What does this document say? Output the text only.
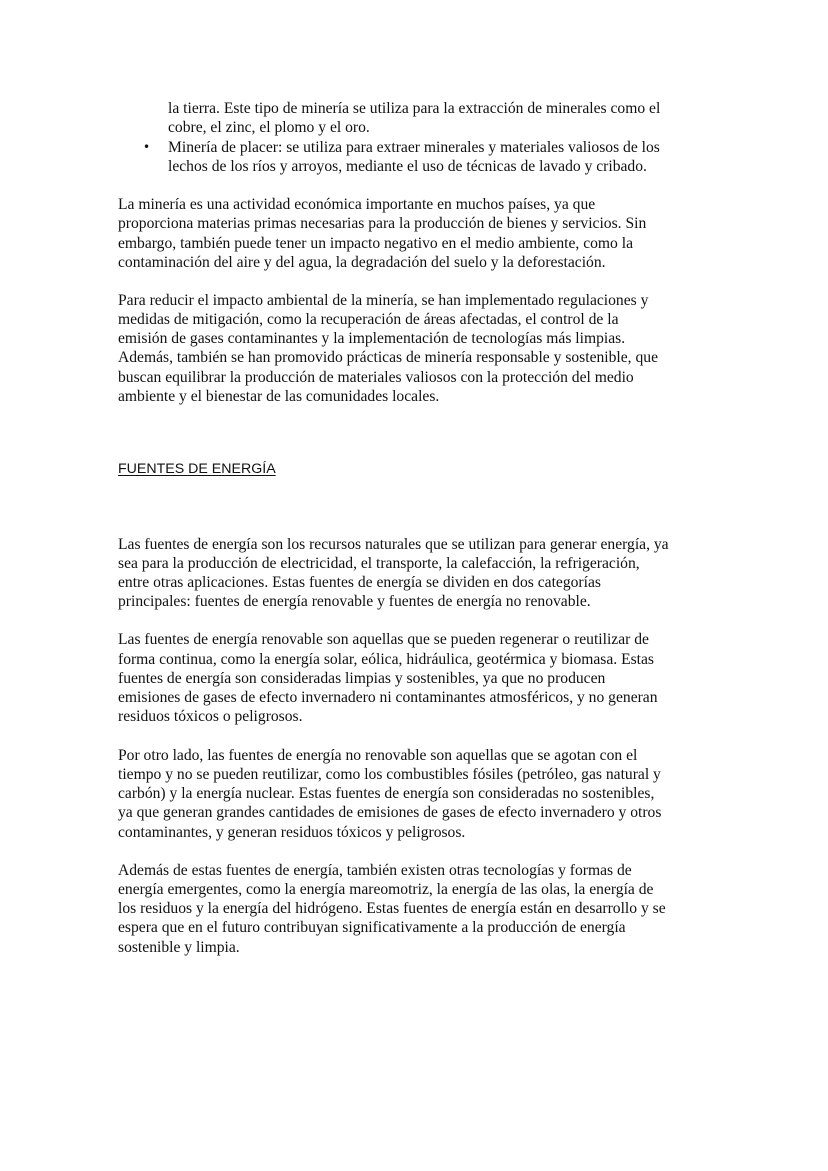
la tierra. Este tipo de minería se utiliza para la extracción de minerales como el
cobre, el zinc, el plomo y el oro.
• Minería de placer: se utiliza para extraer minerales y materiales valiosos de los
lechos de los ríos y arroyos, mediante el uso de técnicas de lavado y cribado.
La minería es una actividad económica importante en muchos países, ya que
proporciona materias primas necesarias para la producción de bienes y servicios. Sin
embargo, también puede tener un impacto negativo en el medio ambiente, como la
contaminación del aire y del agua, la degradación del suelo y la deforestación.
Para reducir el impacto ambiental de la minería, se han implementado regulaciones y
medidas de mitigación, como la recuperación de áreas afectadas, el control de la
emisión de gases contaminantes y la implementación de tecnologías más limpias.
Además, también se han promovido prácticas de minería responsable y sostenible, que
buscan equilibrar la producción de materiales valiosos con la protección del medio
ambiente y el bienestar de las comunidades locales.
FUENTES DE ENERGÍA
Las fuentes de energía son los recursos naturales que se utilizan para generar energía, ya
sea para la producción de electricidad, el transporte, la calefacción, la refrigeración,
entre otras aplicaciones. Estas fuentes de energía se dividen en dos categorías
principales: fuentes de energía renovable y fuentes de energía no renovable.
Las fuentes de energía renovable son aquellas que se pueden regenerar o reutilizar de
forma continua, como la energía solar, eólica, hidráulica, geotérmica y biomasa. Estas
fuentes de energía son consideradas limpias y sostenibles, ya que no producen
emisiones de gases de efecto invernadero ni contaminantes atmosféricos, y no generan
residuos tóxicos o peligrosos.
Por otro lado, las fuentes de energía no renovable son aquellas que se agotan con el
tiempo y no se pueden reutilizar, como los combustibles fósiles (petróleo, gas natural y
carbón) y la energía nuclear. Estas fuentes de energía son consideradas no sostenibles,
ya que generan grandes cantidades de emisiones de gases de efecto invernadero y otros
contaminantes, y generan residuos tóxicos y peligrosos.
Además de estas fuentes de energía, también existen otras tecnologías y formas de
energía emergentes, como la energía mareomotriz, la energía de las olas, la energía de
los residuos y la energía del hidrógeno. Estas fuentes de energía están en desarrollo y se
espera que en el futuro contribuyan significativamente a la producción de energía
sostenible y limpia.
